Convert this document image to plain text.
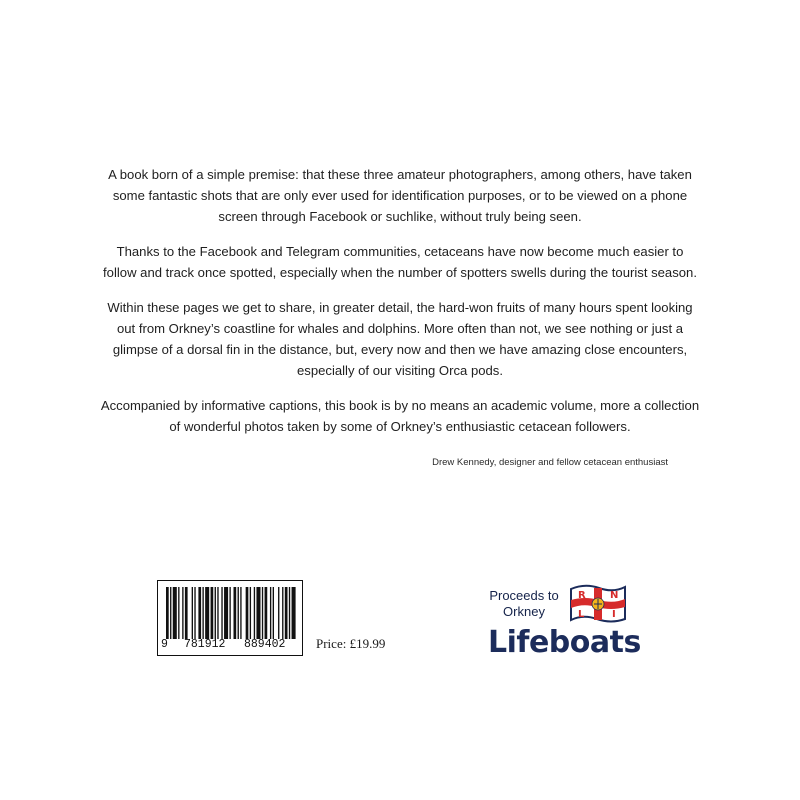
A book born of a simple premise: that these three amateur photographers, among others, have taken some fantastic shots that are only ever used for identification purposes, or to be viewed on a phone screen through Facebook or suchlike, without truly being seen.

Thanks to the Facebook and Telegram communities, cetaceans have now become much easier to follow and track once spotted, especially when the number of spotters swells during the tourist season.

Within these pages we get to share, in greater detail, the hard-won fruits of many hours spent looking out from Orkney’s coastline for whales and dolphins. More often than not, we see nothing or just a glimpse of a dorsal fin in the distance, but, every now and then we have amazing close encounters, especially of our visiting Orca pods.

Accompanied by informative captions, this book is by no means an academic volume, more a collection of wonderful photos taken by some of Orkney’s enthusiastic cetacean followers.

Drew Kennedy, designer and fellow cetacean enthusiast
9 781912 889402 Price: £19.99
Proceeds to
Orkney
R N
L	I
Lifeboats
